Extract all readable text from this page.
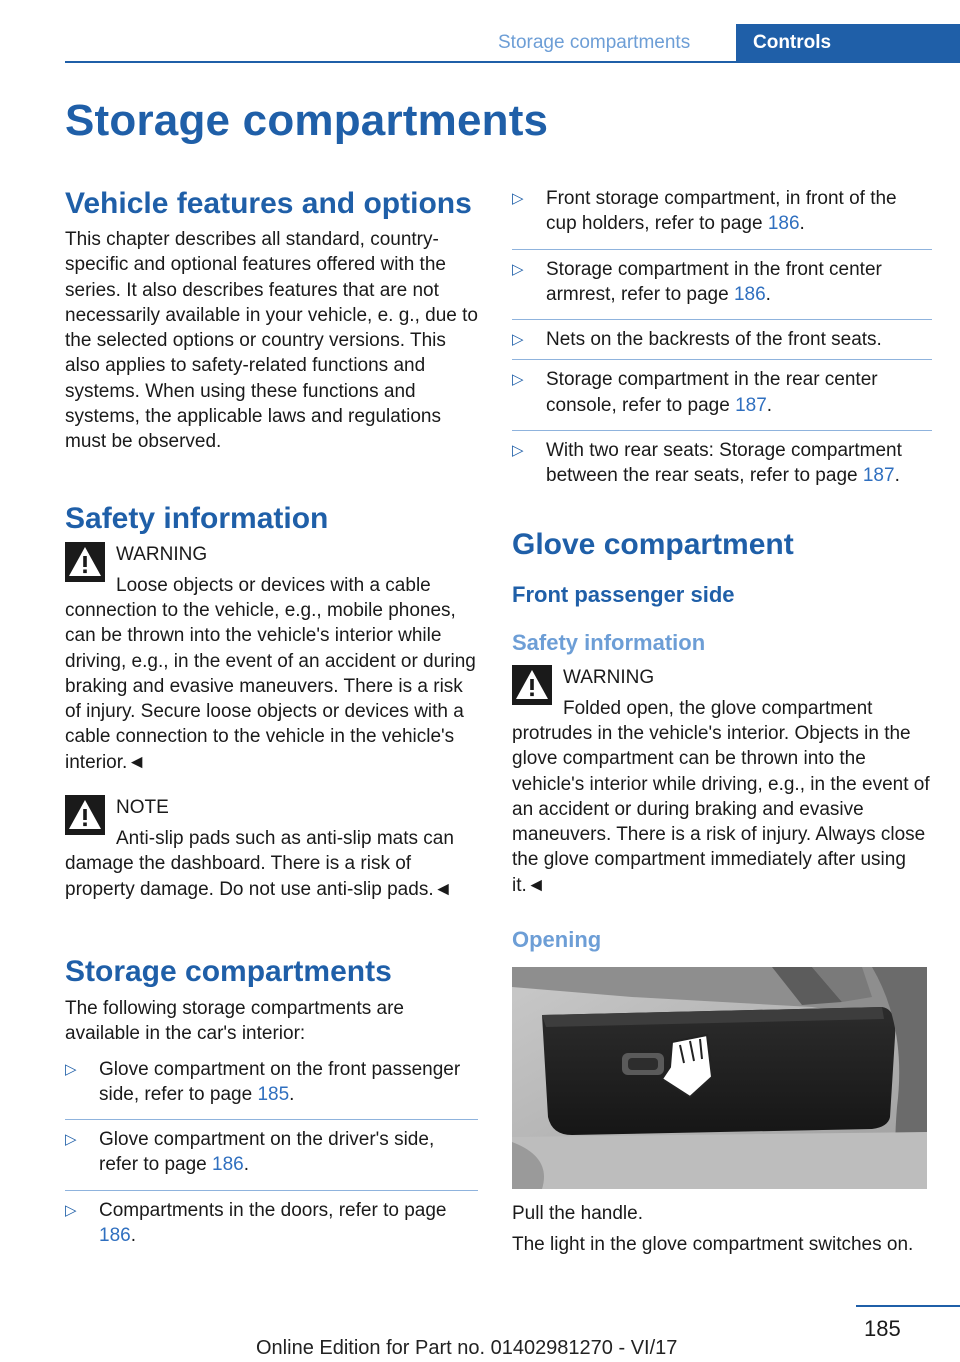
Storage compartments	Controls
Storage compartments
Vehicle features and options

This chapter describes all standard, country-specific and optional features offered with the series. It also describes features that are not necessarily available in your vehicle, e. g., due to the selected options or country versions. This also applies to safety-related functions and systems. When using these functions and systems, the applicable laws and regulations must be observed.

Safety information
WARNING
Loose objects or devices with a cable
connection to the vehicle, e.g., mobile phones, can be thrown into the vehicle's interior while driving, e.g., in the event of an accident or during braking and evasive maneuvers. There is a risk of injury. Secure loose objects or devices with a cable connection to the vehicle in the vehicle's interior.◄
NOTE
Anti-slip pads such as anti-slip mats can
damage the dashboard. There is a risk of property damage. Do not use anti-slip pads.◄
Storage compartments

The following storage compartments are available in the car's interior:

▷ Glove compartment on the front passenger side, refer to page 185.
▷ Glove compartment on the driver's side, refer to page 186.
▷ Compartments in the doors, refer to page 186.
▷ Front storage compartment, in front of the cup holders, refer to page 186.
▷ Storage compartment in the front center armrest, refer to page 186.
▷ Nets on the backrests of the front seats.
▷ Storage compartment in the rear center console, refer to page 187.
▷ With two rear seats: Storage compartment between the rear seats, refer to page 187.
Glove compartment
Front passenger side
Safety information
WARNING
Folded open, the glove compartment
protrudes in the vehicle's interior. Objects in the glove compartment can be thrown into the vehicle's interior while driving, e.g., in the event of an accident or during braking and evasive maneuvers. There is a risk of injury. Always close the glove compartment immediately after using it.◄
Opening

Pull the handle.

The light in the glove compartment switches on.

185
Online Edition for Part no. 01402981270 - VI/17
